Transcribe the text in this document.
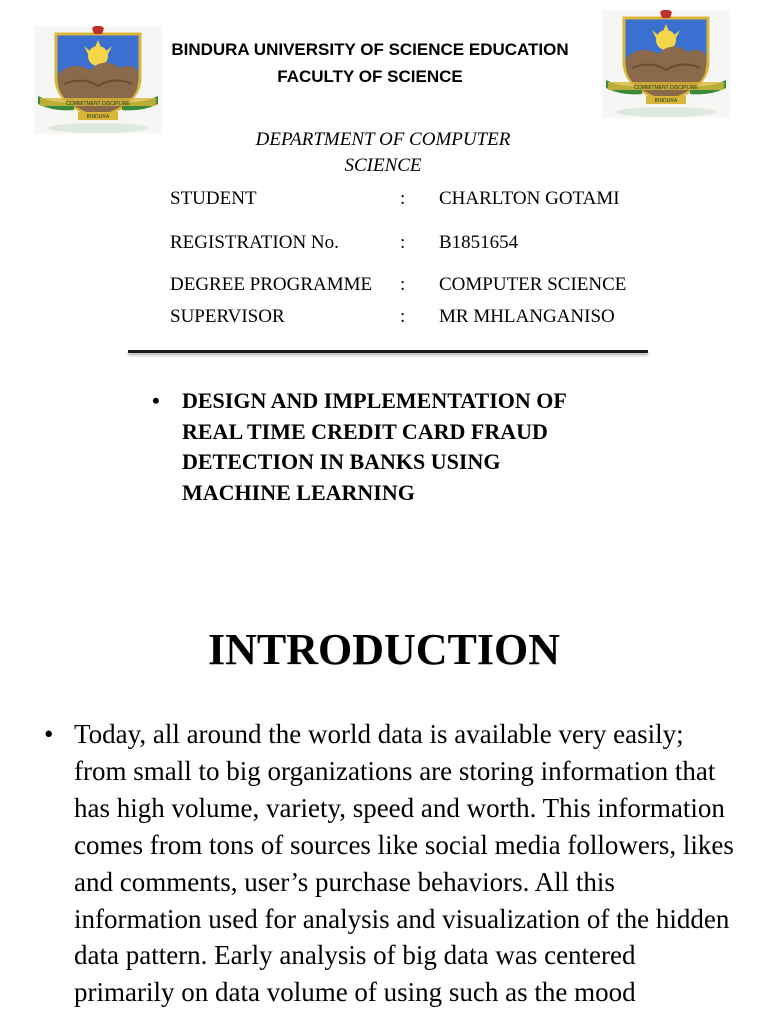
COMMITMENT DISCIPLINE
BINDURA
COMMITMENT DISCIPLINE
BINDURA
BINDURA UNIVERSITY OF SCIENCE EDUCATION
FACULTY OF SCIENCE
DEPARTMENT OF COMPUTER SCIENCE
STUDENT	: CHARLTON GOTAMI
REGISTRATION No.	: B1851654
DEGREE PROGRAMME : COMPUTER SCIENCE
SUPERVISOR	: MR MHLANGANISO
• DESIGN AND IMPLEMENTATION OF REAL TIME CREDIT CARD FRAUD DETECTION IN BANKS USING MACHINE LEARNING
INTRODUCTION
• Today, all around the world data is available very easily; from small to big organizations are storing information that has high volume, variety, speed and worth. This information comes from tons of sources like social media followers, likes and comments, user’s purchase behaviors. All this information used for analysis and visualization of the hidden data pattern. Early analysis of big data was centered primarily on data volume of using such as the mood
